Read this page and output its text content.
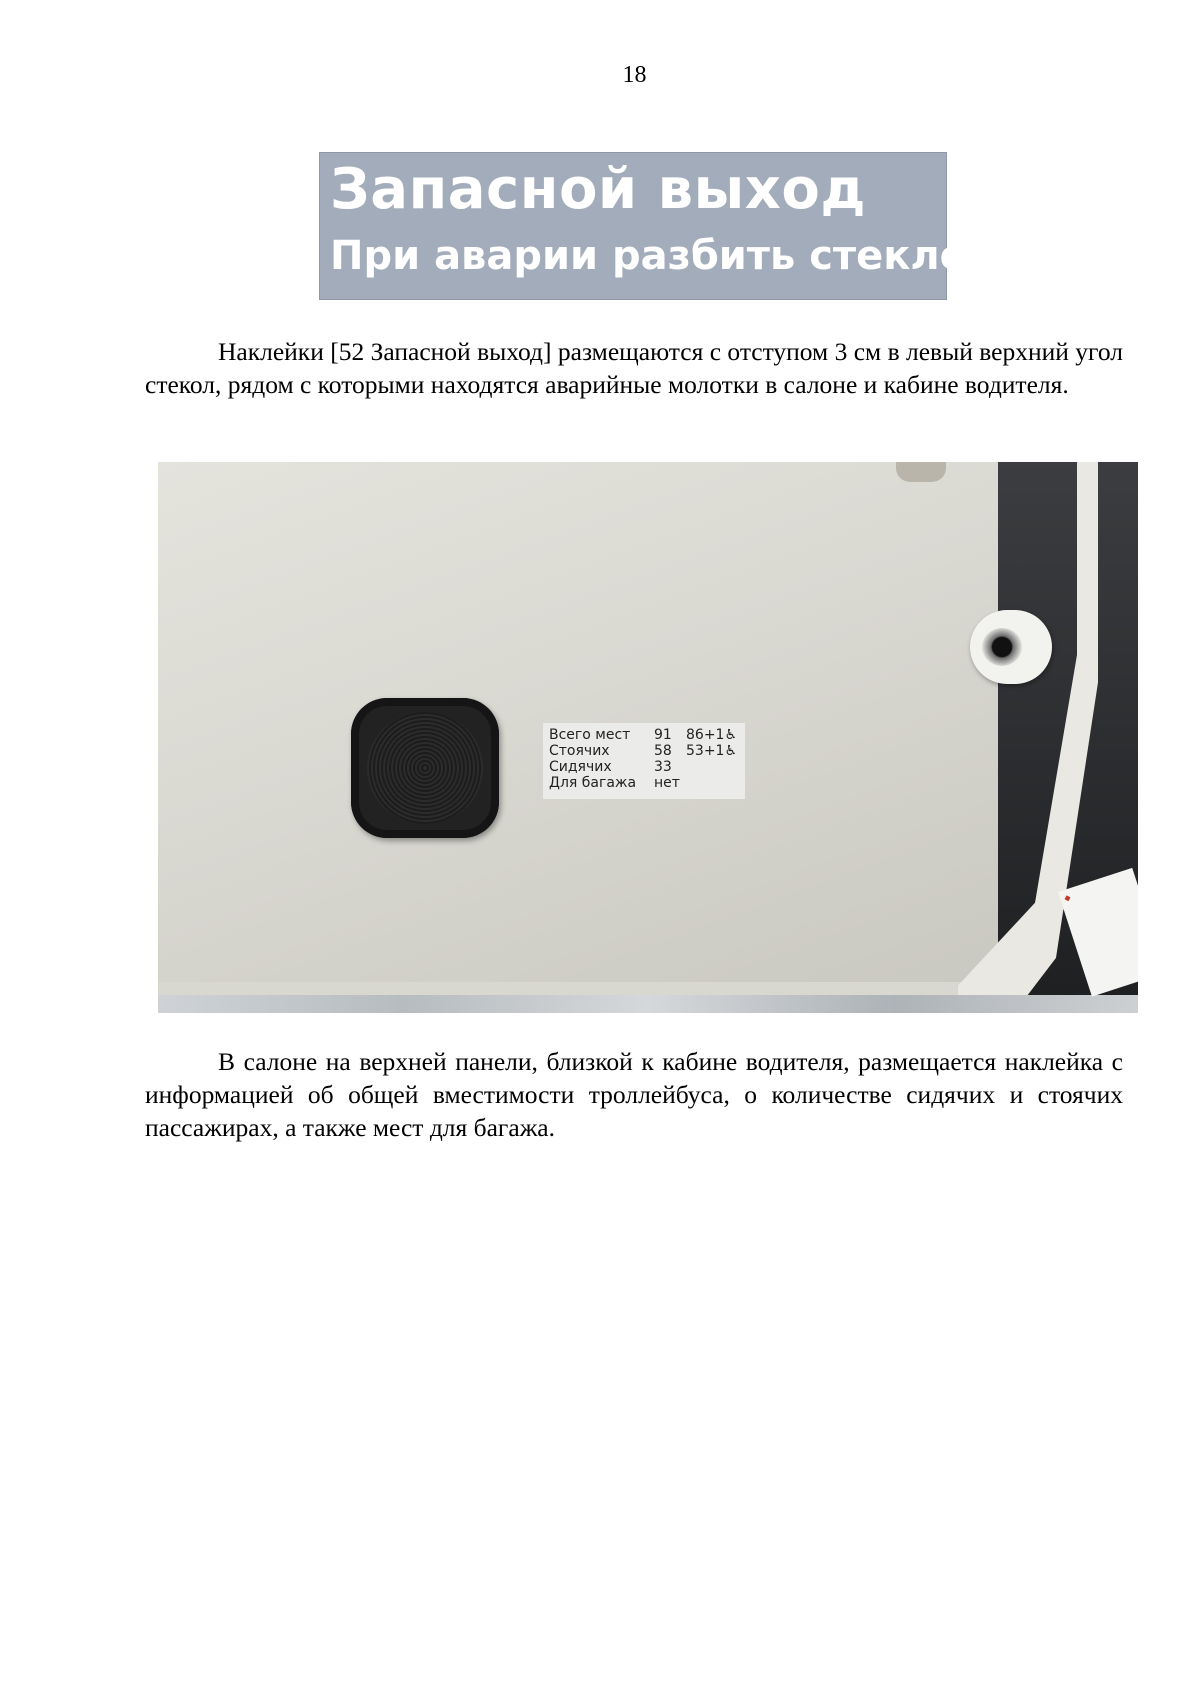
18
Запасной выход
При аварии разбить стекло

Наклейки [52 Запасной выход] размещаются с отступом 3 см в левый верхний угол стекол, рядом с которыми находятся аварийные молотки в салоне и кабине водителя.

Всего мест	91	86+1♿
Стоячих	58	53+1♿
Сидячих	33
Для багажа	нет
◆

В салоне на верхней панели, близкой к кабине водителя, размещается наклейка с информацией об общей вместимости троллейбуса, о количестве сидячих и стоячих пассажирах, а также мест для багажа.
